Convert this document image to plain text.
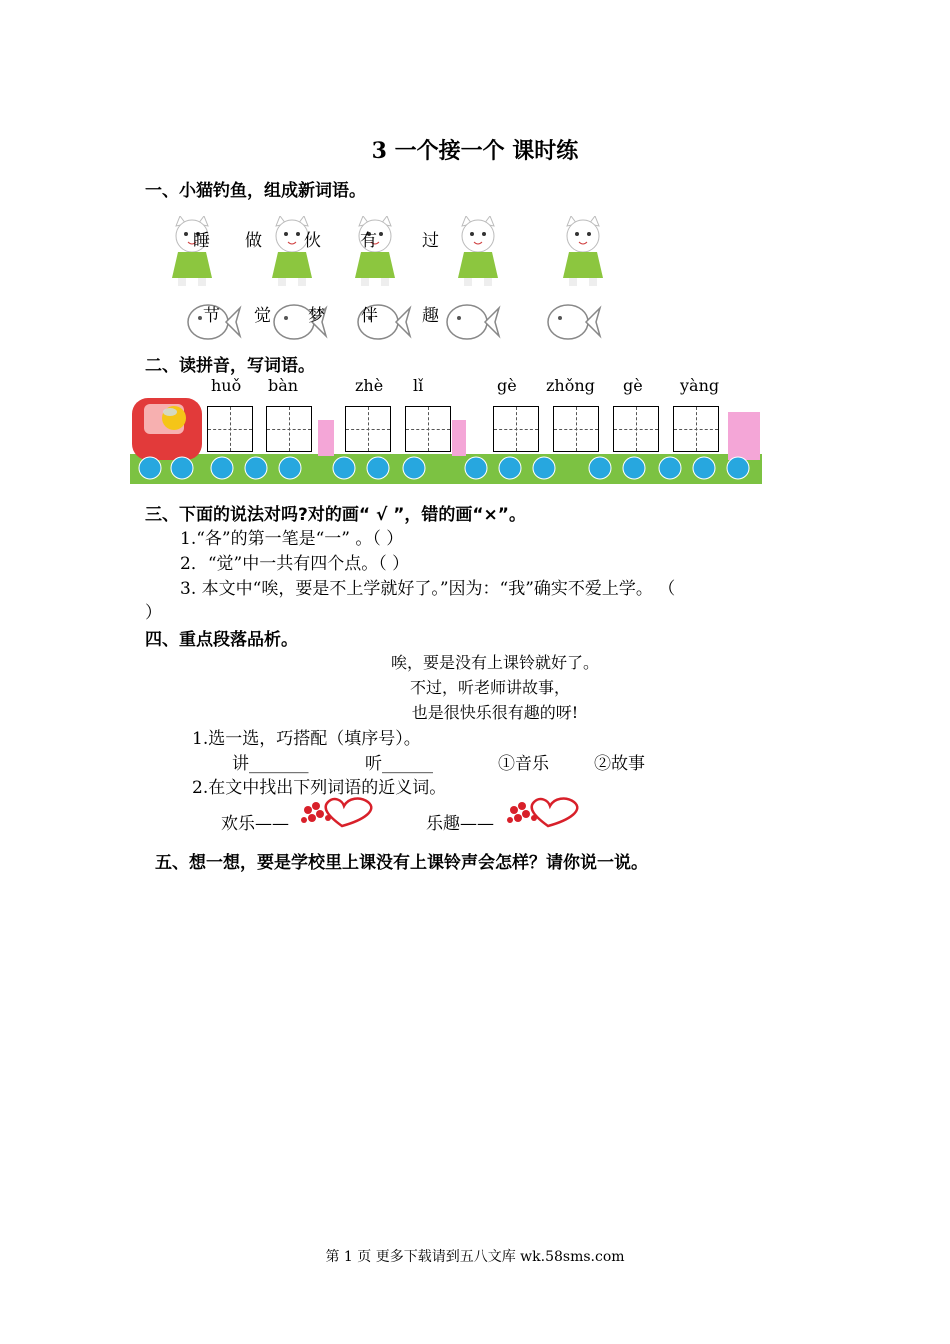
3 一个接一个 课时练
一、小猫钓鱼，组成新词语。
睡 做 伙 有	过
节 觉 梦 伴	趣
二、读拼音，写词语。
huǒ bàn	zhè lǐ	gè zhǒng gè yàng
三、下面的说法对吗?对的画“ √ ”，错的画“×”。
1.“各”的第一笔是“一” 。（ ）
2．“觉”中一共有四个点。（ ）
3. 本文中“唉，要是不上学就好了。”因为：“我”确实不爱上学。 （
）
四、重点段落品析。
唉，要是没有上课铃就好了。
不过，听老师讲故事，
也是很快乐很有趣的呀!
1.选一选，巧搭配（填序号）。
讲_______	听______	①音乐	②故事
2.在文中找出下列词语的近义词。
欢乐——	乐趣——
五、想一想，要是学校里上课没有上课铃声会怎样？请你说一说。
第 1 页 更多下载请到五八文库 wk.58sms.com
